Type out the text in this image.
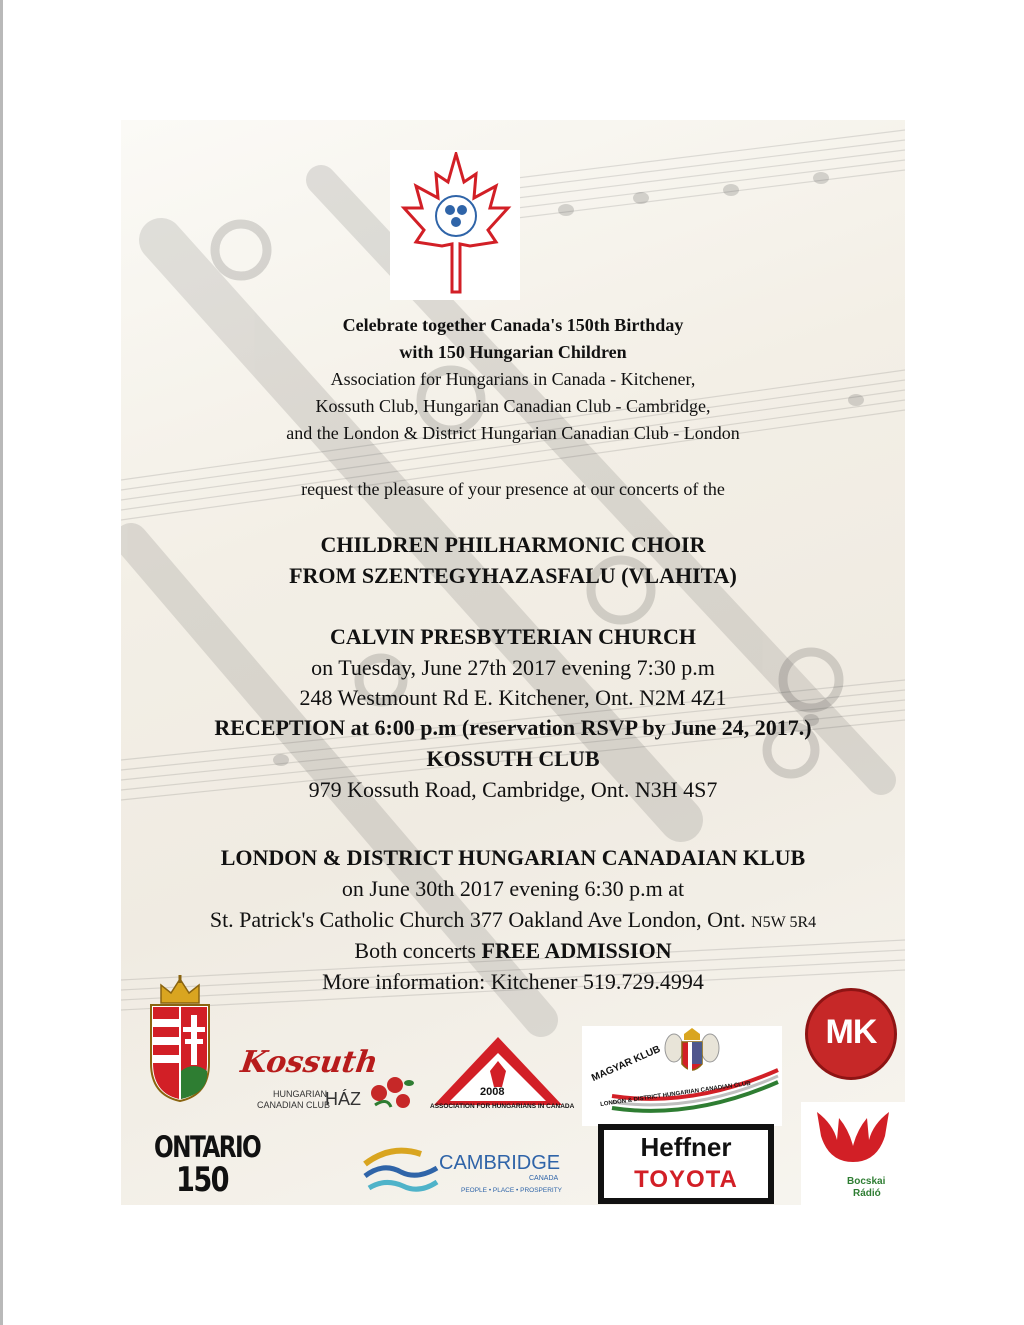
Celebrate together Canada's 150th Birthday
with 150 Hungarian Children
Association for Hungarians in Canada - Kitchener,
Kossuth Club, Hungarian Canadian Club - Cambridge,
and the London & District Hungarian Canadian Club - London
request the pleasure of your presence at our concerts of the
CHILDREN PHILHARMONIC CHOIR
FROM SZENTEGYHAZASFALU (VLAHITA)
CALVIN PRESBYTERIAN CHURCH
on Tuesday, June 27th 2017 evening 7:30 p.m
248 Westmount Rd E. Kitchener, Ont. N2M 4Z1
RECEPTION at 6:00 p.m (reservation RSVP by June 24, 2017.)
KOSSUTH CLUB
979 Kossuth Road, Cambridge, Ont. N3H 4S7
LONDON & DISTRICT HUNGARIAN CANADAIAN KLUB
on June 30th 2017 evening 6:30 p.m at
St. Patrick's Catholic Church 377 Oakland Ave London, Ont. N5W 5R4
Both concerts FREE ADMISSION
More information: Kitchener 519.729.4994
Kossuth
HUNGARIAN
CANADIAN CLUB
HÁZ	2008
ASSOCIATION FOR HUNGARIANS IN CANADA
MAGYAR KLUB
LONDON & DISTRICT HUNGARIAN CANADIAN CLUB
MK
ONTARIO
150	CAMBRIDGE
CANADA
PEOPLE • PLACE • PROSPERITY
Heffner
TOYOTA	Bocskai
Rádió
